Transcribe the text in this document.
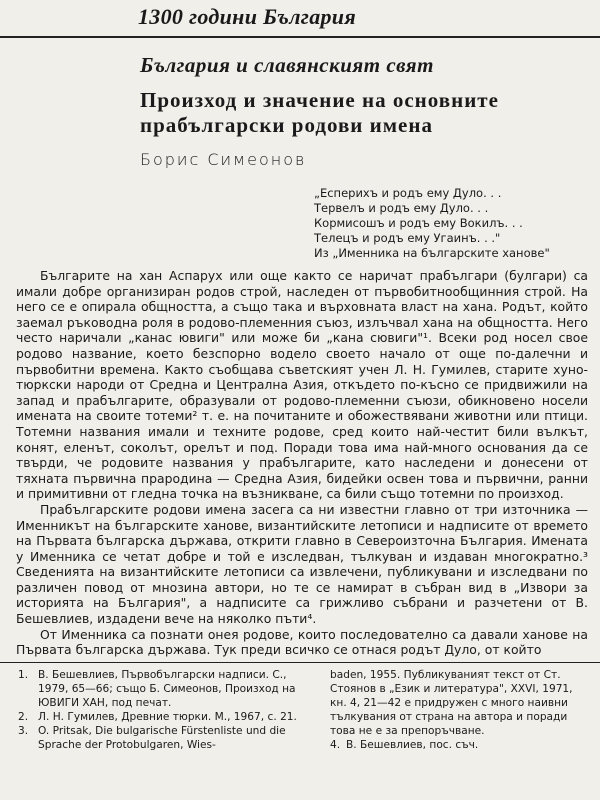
1300 години България
България и славянският свят
Произход и значение на основните
прабългарски родови имена
Борис Симеонов
„Есперихъ и родъ ему Дуло. . .
Тервелъ и родъ ему Дуло. . .
Кормисошъ и родъ ему Вокилъ. . .
Телецъ и родъ ему Угаинъ. . ."
Из „Именника на българските ханове"

Българите на хан Аспарух или още както се наричат прабългари (булгари) са имали добре организиран родов строй, наследен от първобитнообщинния строй. На него се е опирала общността, а също така и върховната власт на хана. Родът, който заемал ръководна роля в родово-племенния съюз, излъчвал хана на общността. Него често наричали „канас ювиги" или може би „кана сювиги"¹. Всеки род носел свое родово название, което безспорно водело своето начало от още по-далечни и първобитни времена. Както съобщава съветският учен Л. Н. Гумилев, старите хуно-тюркски народи от Средна и Централна Азия, откъдето по-късно се придвижили на запад и прабългарите, образували от родово-племенни съюзи, обикновено носели имената на своите тотеми² т. е. на почитаните и обожествявани животни или птици. Тотемни названия имали и техните родове, сред които най-честит били вълкът, конят, еленът, соколът, орелът и под. Поради това има най-много основания да се твърди, че родовите названия у прабългарите, като наследени и донесени от тяхната първична прародина — Средна Азия, бидейки освен това и първични, ранни и примитивни от гледна точка на възникване, са били също тотемни по произход.

Прабългарските родови имена засега са ни известни главно от три източника — Именникът на българските ханове, византийските летописи и надписите от времето на Първата българска държава, открити главно в Североизточна България. Имената у Именника се четат добре и той е изследван, тълкуван и издаван многократно.³ Сведенията на византийските летописи са извлечени, публикувани и изследвани по различен повод от мнозина автори, но те се намират в събран вид в „Извори за историята на България", а надписите са грижливо събрани и разчетени от В. Бешевлиев, издадени вече на няколко пъти⁴.

От Именника са познати онея родове, които последователно са давали ханове на Първата българска държава. Тук преди всичко се отнася родът Дуло, от който

1. В. Бешевлиев, Първобългарски надписи. С., 1979, 65—66; също Б. Симеонов, Произход на ЮВИГИ ХАН, под печат.
2. Л. Н. Гумилев, Древние тюрки. М., 1967, с. 21.
3. O. Pritsak, Die bulgarische Fürstenliste und die Sprache der Protobulgaren, Wies-
baden, 1955. Публикуваният текст от Ст. Стоянов в „Език и литература", XXVI, 1971, кн. 4, 21—42 е придружен с много наивни тълкувания от страна на автора и поради това не е за препоръчване.
4. В. Бешевлиев, пос. съч.
